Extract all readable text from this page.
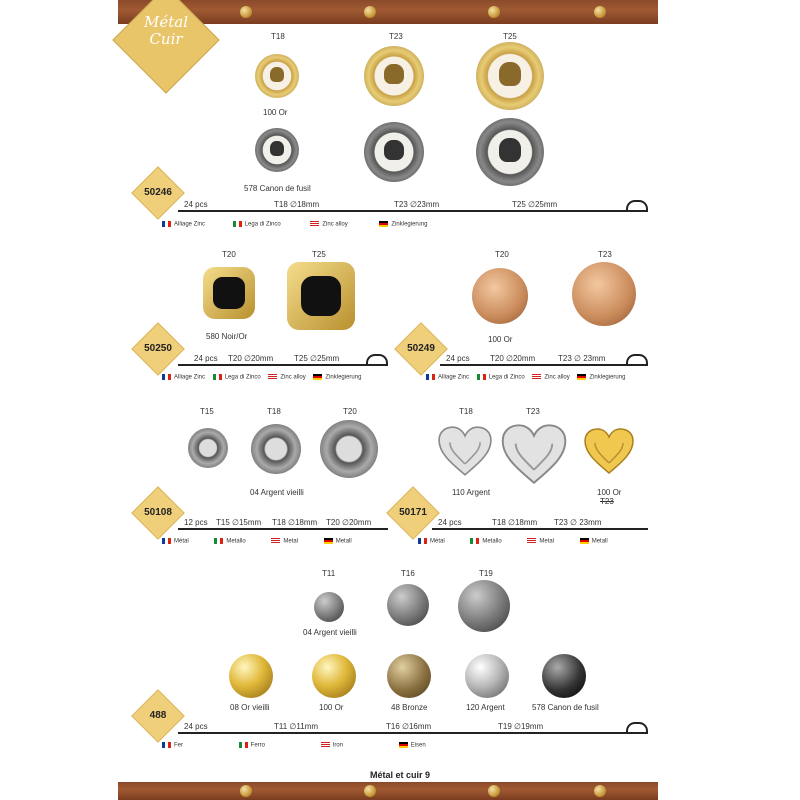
Métal
Cuir	T18	T23	T25
100 Or
578 Canon de fusil
50246
24 pcs	T18 ∅18mm	T23 ∅23mm	T25 ∅25mm
Alliage Zinc	Lega di Zinco	Zinc alloy	Zinklegierung
T20	T25
580 Noir/Or
50250
24 pcs T20 ∅20mm	T25 ∅25mm
Alliage Zinc	Lega di Zinco	Zinc alloy	Zinklegierung
T20	T23
100 Or
50249
24 pcs	T20 ∅20mm	T23 ∅ 23mm
Alliage Zinc	Lega di Zinco	Zinc alloy	Zinklegierung
T15	T18	T20
04 Argent vieilli
50108
12 pcs T15 ∅15mm T18 ∅18mm T20 ∅20mm
Métal	Metallo	Metal	Metall
T18	T23
110 Argent	100 Or
T23
50171
24 pcs	T18 ∅18mm T23 ∅ 23mm
Métal	Metallo	Metal	Metall
T11	T16	T19
04 Argent vieilli
08 Or vieilli	100 Or	48 Bronze	120 Argent	578 Canon de fusil
488
24 pcs	T11 ∅11mm	T16 ∅16mm	T19 ∅19mm
Fer	Ferro	Iron	Eisen
Métal et cuir 9
